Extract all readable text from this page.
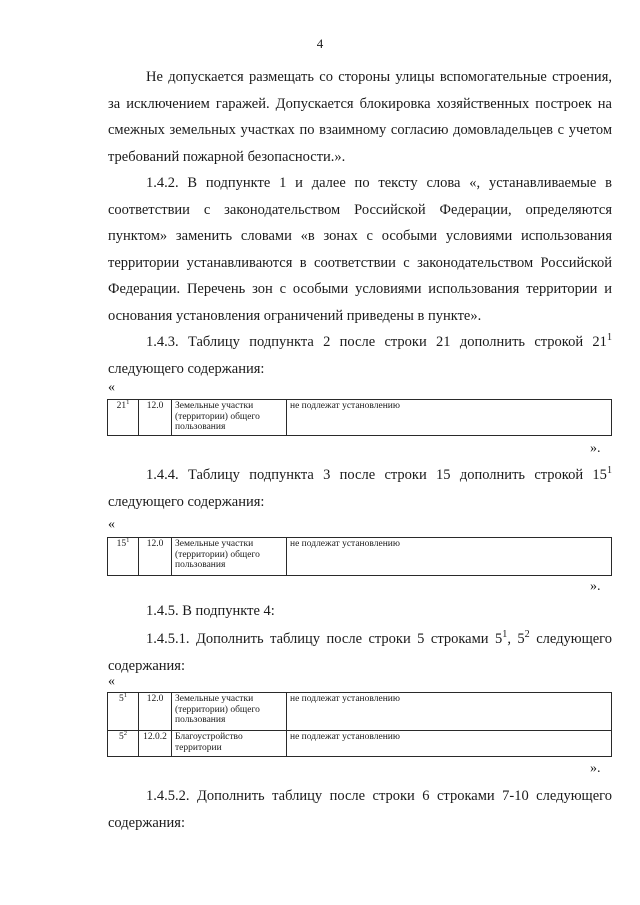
4

Не допускается размещать со стороны улицы вспомогательные строения, за исключением гаражей. Допускается блокировка хозяйственных построек на смежных земельных участках по взаимному согласию домовладельцев с учетом требований пожарной безопасности.».

1.4.2. В подпункте 1 и далее по тексту слова «, устанавливаемые в соответствии с законодательством Российской Федерации, определяются пунктом» заменить словами «в зонах с особыми условиями использования территории устанавливаются в соответствии с законодательством Российской Федерации. Перечень зон с особыми условиями использования территории и основания установления ограничений приведены в пункте».

1.4.3. Таблицу подпункта 2 после строки 21 дополнить строкой $21^1$ следующего содержания:

«
$21^1$	12.0	Земельные участки (территории) общего пользования	не подлежат установлению
».

1.4.4. Таблицу подпункта 3 после строки 15 дополнить строкой $15^1$ следующего содержания:

«
$15^1$	12.0	Земельные участки (территории) общего пользования	не подлежат установлению
».

1.4.5. В подпункте 4:

1.4.5.1. Дополнить таблицу после строки 5 строками $5^1$, $5^2$ следующего содержания:

«
$5^1$	12.0	Земельные участки (территории) общего пользования	не подлежат установлению
$5^2$	12.0.2	Благоустройство территории	не подлежат установлению
».

1.4.5.2. Дополнить таблицу после строки 6 строками 7-10 следующего содержания:
